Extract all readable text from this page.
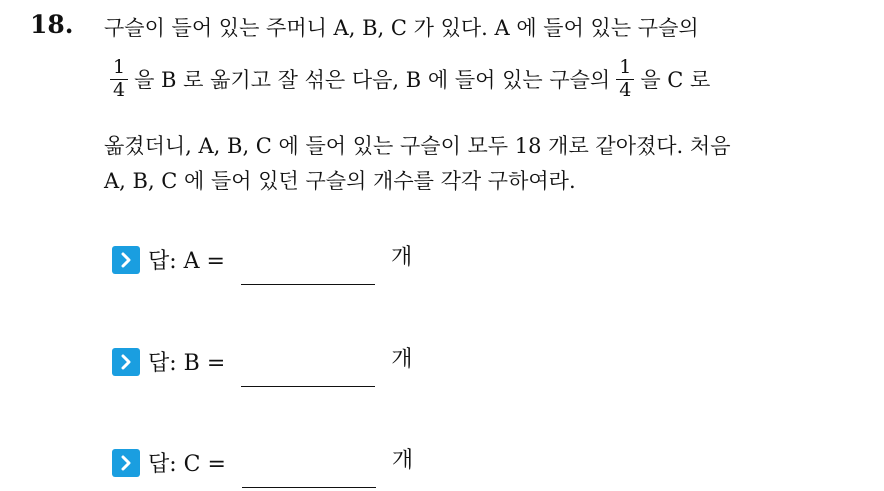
18. 구슬이 들어 있는 주머니 A, B, C 가 있다. A 에 들어 있는 구슬의
$\frac{1}{4}$ 을 B 로 옮기고 잘 섞은 다음, B 에 들어 있는 구슬의 $\frac{1}{4}$ 을 C 로
옮겼더니, A, B, C 에 들어 있는 구슬이 모두 18 개로 같아졌다. 처음
A, B, C 에 들어 있던 구슬의 개수를 각각 구하여라.
답: A =	개
답: B =	개
답: C =	개
